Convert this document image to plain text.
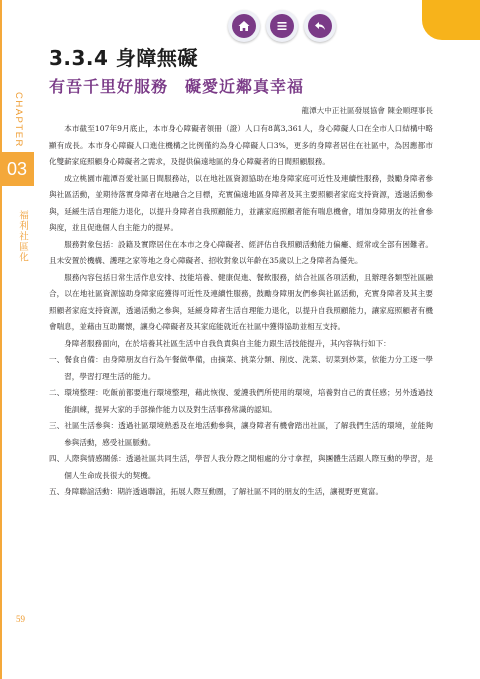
CHAPTER
03
福利社區化
59
3.3.4 身障無礙
有吾千里好服務　礙愛近鄰真幸福
龍潭大中正社區發展協會 陳金順理事長

本市截至107年9月底止，本市身心障礙者領冊（證）人口有8萬3,361人，身心障礙人口在全市人口結構中略顯有成長。本市身心障礙人口進住機構之比例僅約為身心障礙人口3%，更多的身障者居住在社區中，為因應都市化雙薪家庭照顧身心障礙者之需求，及提供偏遠地區的身心障礙者的日間照顧服務。

成立桃園市龍潭吾愛社區日間服務站，以在地社區資源協助在地身障家庭可近性及連續性服務，鼓勵身障者參與社區活動，並期待落實身障者在地融合之目標，充實偏遠地區身障者及其主要照顧者家庭支持資源，透過活動參與，延緩生活自理能力退化，以提升身障者自我照顧能力，並讓家庭照顧者能有喘息機會，增加身障朋友的社會參與度，並且促進個人自主能力的提昇。

服務對象包括：設籍及實際居住在本市之身心障礙者、經評估自我照顧活動能力偏癱、經常或全部有困難者。且未安置於機構、護理之家等地之身心障礙者、招收對象以年齡在35歲以上之身障者為優先。

服務內容包括日常生活作息安排、技能培養、健康促進、餐飲服務，結合社區各項活動，且辦理各類型社區融合，以在地社區資源協助身障家庭獲得可近性及連續性服務，鼓勵身障朋友們參與社區活動，充實身障者及其主要照顧者家庭支持資源，透過活動之參與，延緩身障者生活自理能力退化，以提升自我照顧能力，讓家庭照顧者有機會喘息，並藉由互助關懷，讓身心障礙者及其家庭能就近在社區中獲得協助並相互支持。

身障者服務面向，在於培養其社區生活中自我負責與自主能力跟生活技能提升，其內容執行如下：

一、餐食自備：由身障朋友自行為午餐做準備，由摘菜、挑菜分類、削皮、洗菜、切菜到炒菜，依能力分工逐一學習，學習打理生活的能力。

二、環境整理：吃飯前都要進行環境整理，藉此恢復、愛護我們所使用的環境，培養對自己的責任感；另外透過技能訓練，提昇大家的手部操作能力以及對生活事務常識的認知。

三、社區生活參與：透過社區環境熟悉及在地活動參與，讓身障者有機會踏出社區，了解我們生活的環境，並能夠參與活動，感受社區脈動。

四、人際與情感關係：透過社區共同生活，學習人我分際之間相處的分寸拿捏，與團體生活跟人際互動的學習，是個人生命成長很大的契機。

五、身障聯誼活動：期許透過聯誼，拓展人際互動圈，了解社區不同的朋友的生活，讓視野更寬富。
